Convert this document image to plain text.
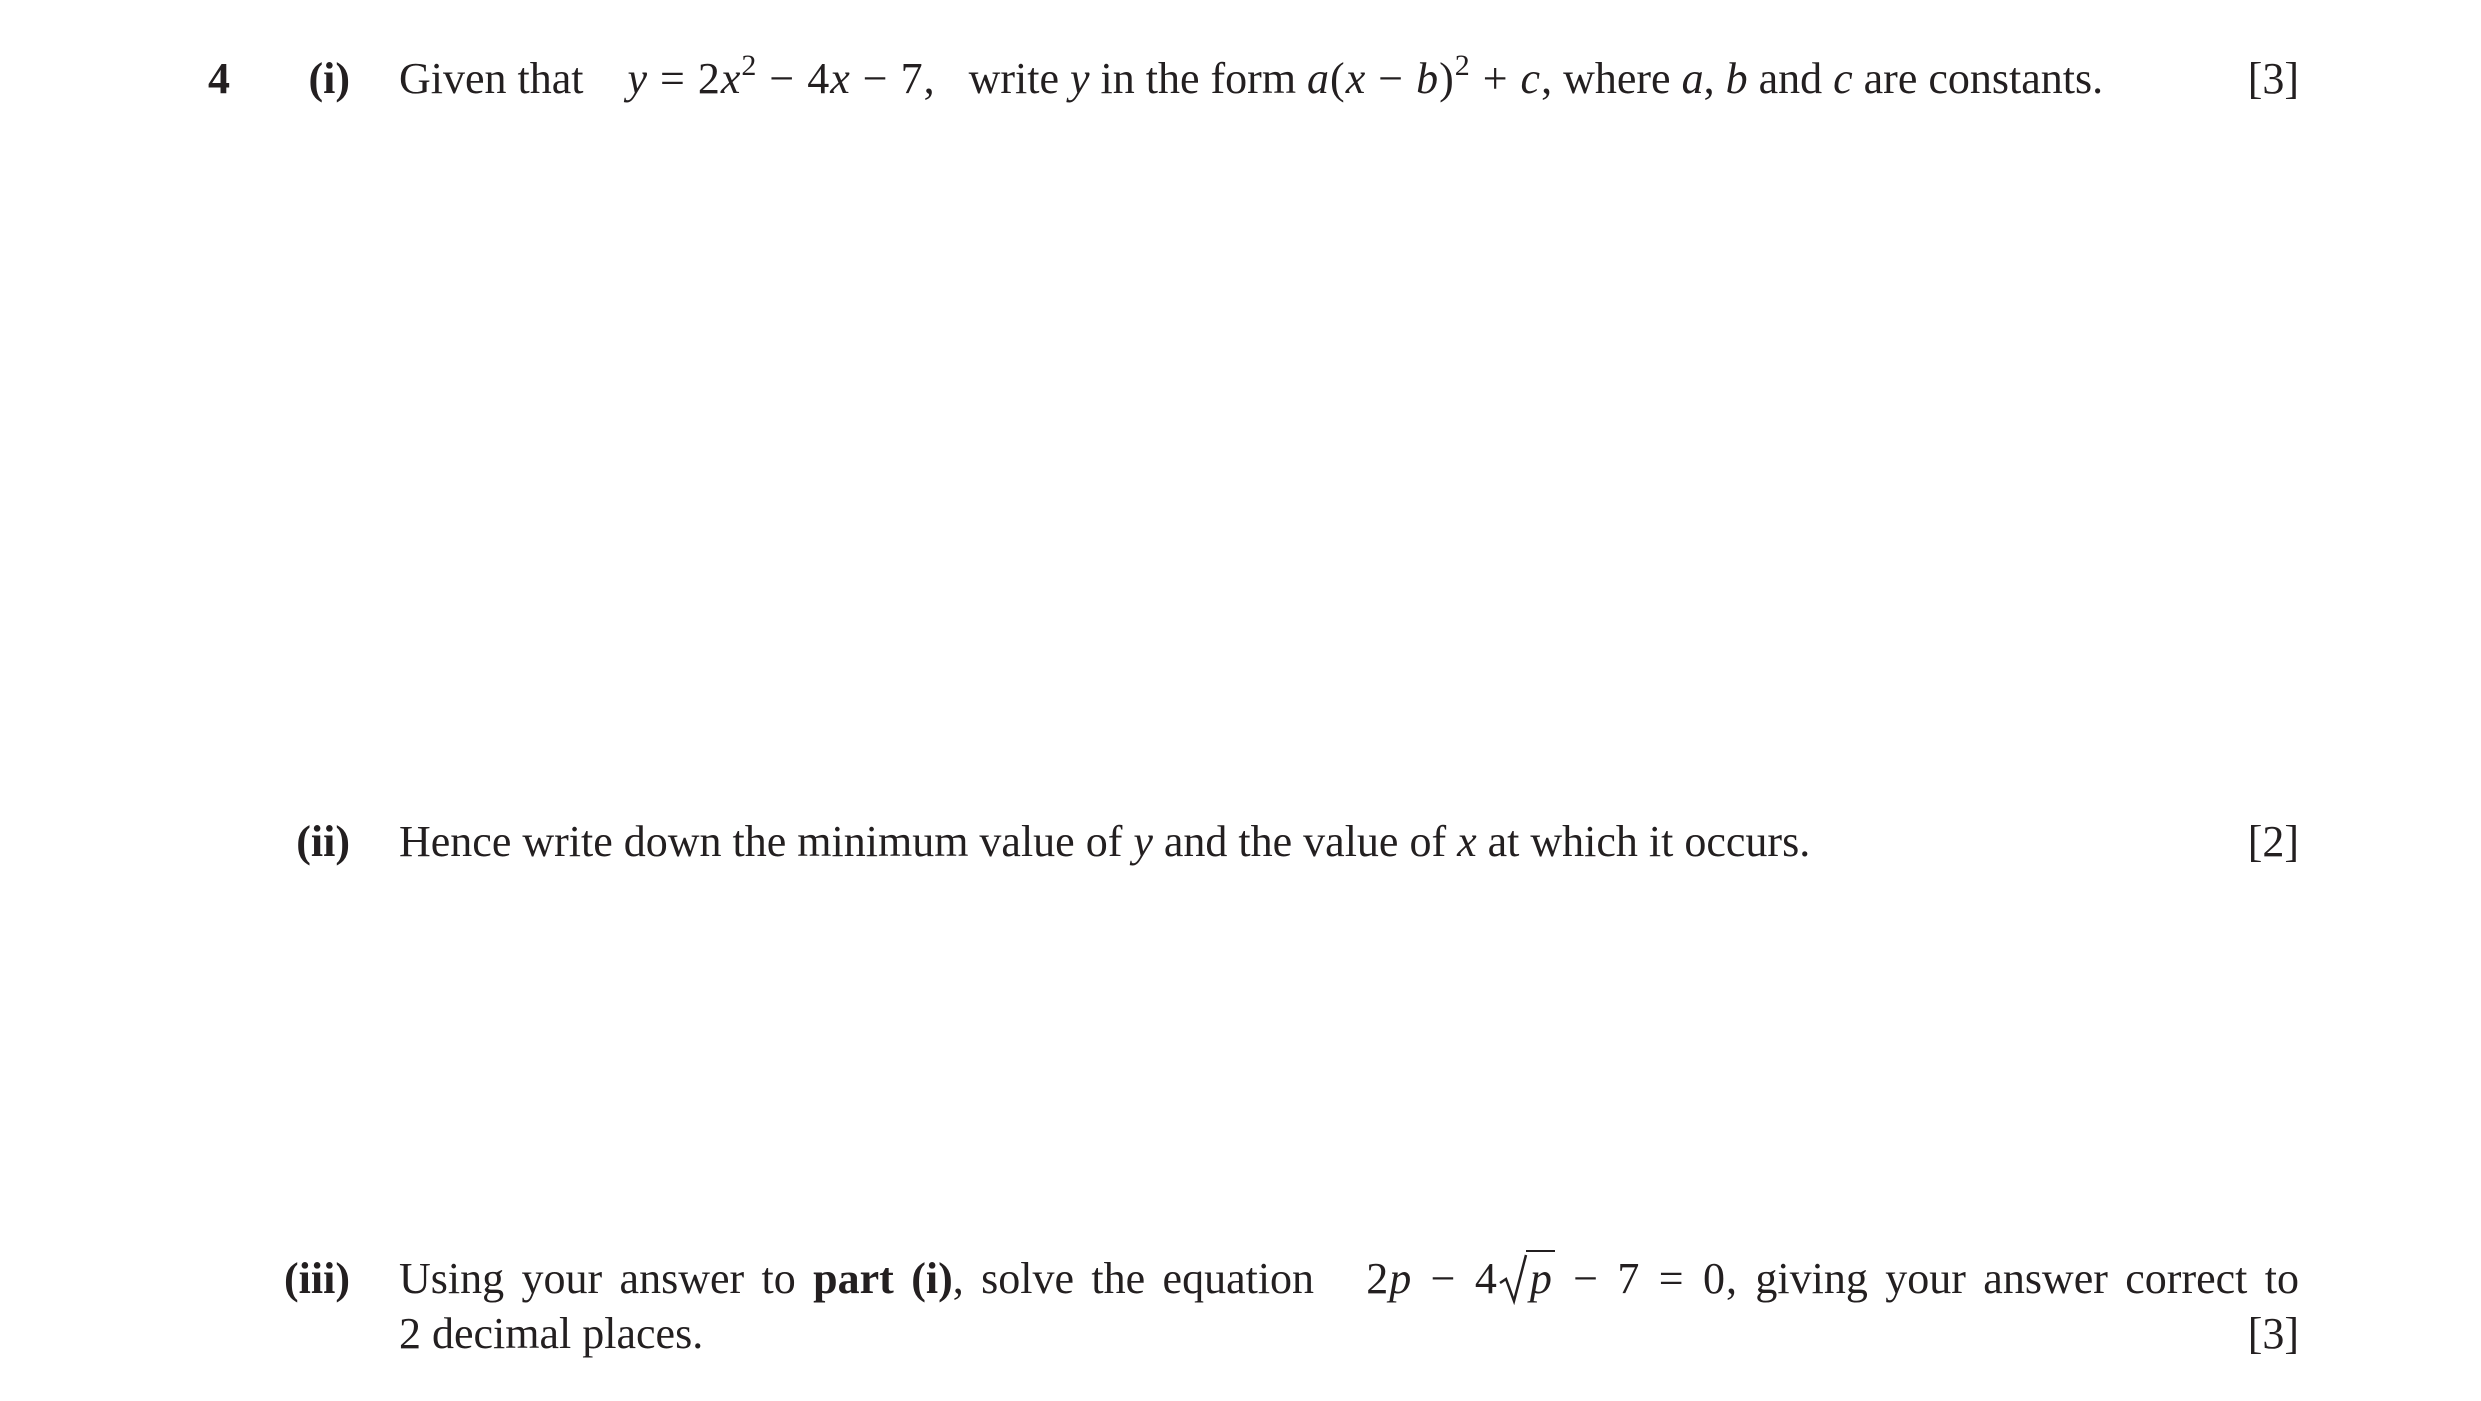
4	(i) Given that $y = 2x^2 - 4x - 7$, write y in the form $a(x - b)^2 + c$, where a, b and c are constants.	[3]
(ii) Hence write down the minimum value of y and the value of x at which it occurs.	[2]
(iii) Using your answer to part (i), solve the equation 2p − 4 p − 7 = 0, giving your answer correct to
2 decimal places.	[3]
